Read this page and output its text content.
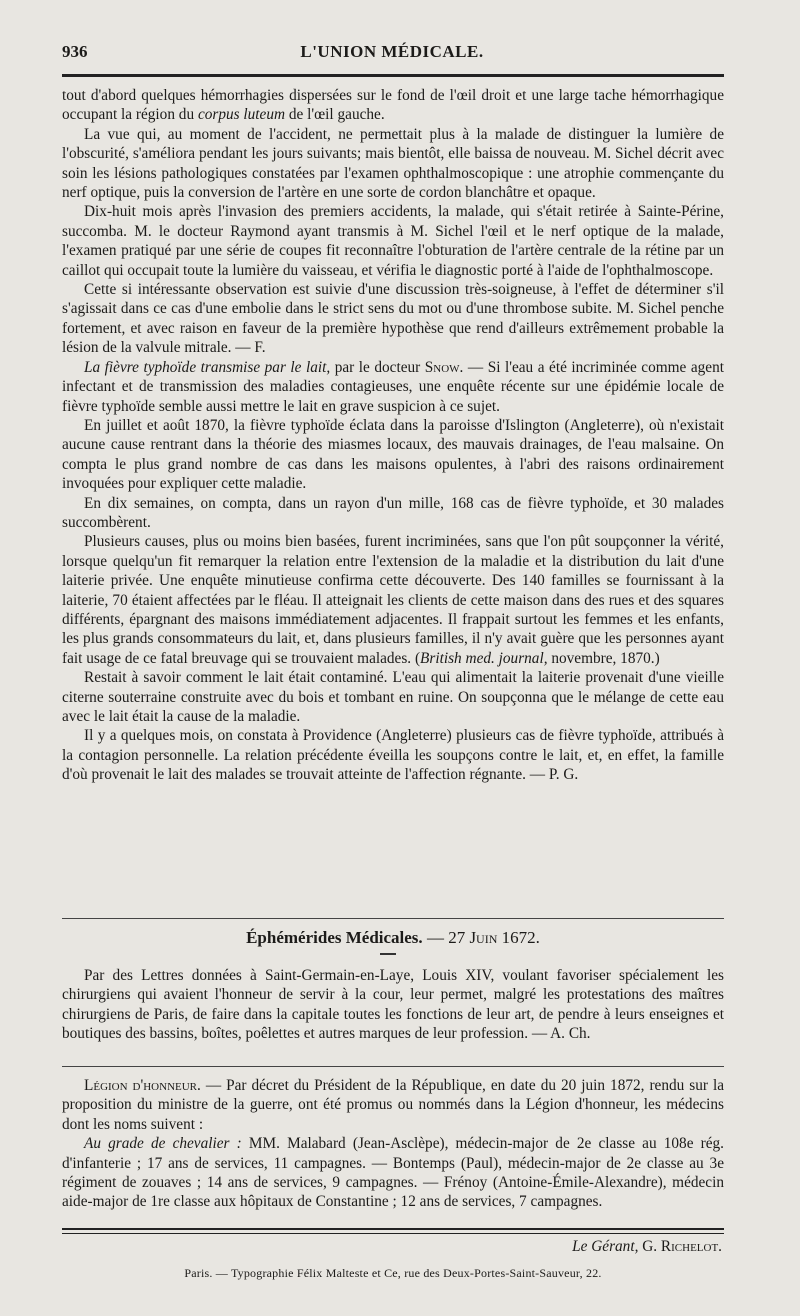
936	L'UNION MÉDICALE.

tout d'abord quelques hémorrhagies dispersées sur le fond de l'œil droit et une large tache hémorrhagique occupant la région du corpus luteum de l'œil gauche.

La vue qui, au moment de l'accident, ne permettait plus à la malade de distinguer la lumière de l'obscurité, s'améliora pendant les jours suivants; mais bientôt, elle baissa de nouveau. M. Sichel décrit avec soin les lésions pathologiques constatées par l'examen ophthalmoscopique : une atrophie commençante du nerf optique, puis la conversion de l'artère en une sorte de cordon blanchâtre et opaque.

Dix-huit mois après l'invasion des premiers accidents, la malade, qui s'était retirée à Sainte-Périne, succomba. M. le docteur Raymond ayant transmis à M. Sichel l'œil et le nerf optique de la malade, l'examen pratiqué par une série de coupes fit reconnaître l'obturation de l'artère centrale de la rétine par un caillot qui occupait toute la lumière du vaisseau, et vérifia le diagnostic porté à l'aide de l'ophthalmoscope.

Cette si intéressante observation est suivie d'une discussion très-soigneuse, à l'effet de déterminer s'il s'agissait dans ce cas d'une embolie dans le strict sens du mot ou d'une thrombose subite. M. Sichel penche fortement, et avec raison en faveur de la première hypothèse que rend d'ailleurs extrêmement probable la lésion de la valvule mitrale. — F.

La fièvre typhoïde transmise par le lait, par le docteur Snow. — Si l'eau a été incriminée comme agent infectant et de transmission des maladies contagieuses, une enquête récente sur une épidémie locale de fièvre typhoïde semble aussi mettre le lait en grave suspicion à ce sujet.

En juillet et août 1870, la fièvre typhoïde éclata dans la paroisse d'Islington (Angleterre), où n'existait aucune cause rentrant dans la théorie des miasmes locaux, des mauvais drainages, de l'eau malsaine. On compta le plus grand nombre de cas dans les maisons opulentes, à l'abri des raisons ordinairement invoquées pour expliquer cette maladie.

En dix semaines, on compta, dans un rayon d'un mille, 168 cas de fièvre typhoïde, et 30 malades succombèrent.

Plusieurs causes, plus ou moins bien basées, furent incriminées, sans que l'on pût soupçonner la vérité, lorsque quelqu'un fit remarquer la relation entre l'extension de la maladie et la distribution du lait d'une laiterie privée. Une enquête minutieuse confirma cette découverte. Des 140 familles se fournissant à la laiterie, 70 étaient affectées par le fléau. Il atteignait les clients de cette maison dans des rues et des squares différents, épargnant des maisons immédiatement adjacentes. Il frappait surtout les femmes et les enfants, les plus grands consommateurs du lait, et, dans plusieurs familles, il n'y avait guère que les personnes ayant fait usage de ce fatal breuvage qui se trouvaient malades. (British med. journal, novembre, 1870.)

Restait à savoir comment le lait était contaminé. L'eau qui alimentait la laiterie provenait d'une vieille citerne souterraine construite avec du bois et tombant en ruine. On soupçonna que le mélange de cette eau avec le lait était la cause de la maladie.

Il y a quelques mois, on constata à Providence (Angleterre) plusieurs cas de fièvre typhoïde, attribués à la contagion personnelle. La relation précédente éveilla les soupçons contre le lait, et, en effet, la famille d'où provenait le lait des malades se trouvait atteinte de l'affection régnante. — P. G.

Éphémérides Médicales. — 27 Juin 1672.

Par des Lettres données à Saint-Germain-en-Laye, Louis XIV, voulant favoriser spécialement les chirurgiens qui avaient l'honneur de servir à la cour, leur permet, malgré les protestations des maîtres chirurgiens de Paris, de faire dans la capitale toutes les fonctions de leur art, de pendre à leurs enseignes et boutiques des bassins, boîtes, poêlettes et autres marques de leur profession. — A. Ch.

Légion d'honneur. — Par décret du Président de la République, en date du 20 juin 1872, rendu sur la proposition du ministre de la guerre, ont été promus ou nommés dans la Légion d'honneur, les médecins dont les noms suivent :

Au grade de chevalier : MM. Malabard (Jean-Asclèpe), médecin-major de 2e classe au 108e rég. d'infanterie ; 17 ans de services, 11 campagnes. — Bontemps (Paul), médecin-major de 2e classe au 3e régiment de zouaves ; 14 ans de services, 9 campagnes. — Frénoy (Antoine-Émile-Alexandre), médecin aide-major de 1re classe aux hôpitaux de Constantine ; 12 ans de services, 7 campagnes.

Le Gérant, G. Richelot.
Paris. — Typographie Félix Malteste et Ce, rue des Deux-Portes-Saint-Sauveur, 22.
